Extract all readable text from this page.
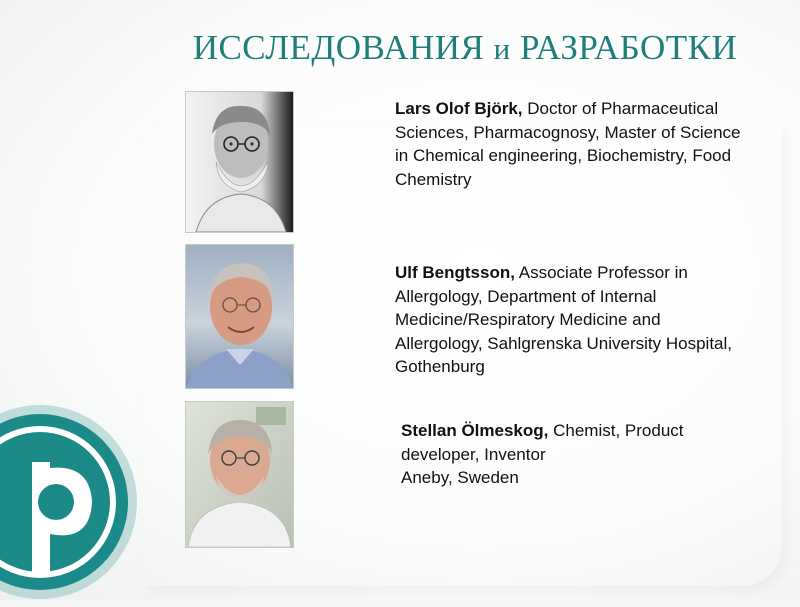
ИССЛЕДОВАНИЯ и РАЗРАБОТКИ
Lars Olof Björk, Doctor of Pharmaceutical Sciences, Pharmacognosy, Master of Science in Chemical engineering, Biochemistry, Food Chemistry
Ulf Bengtsson, Associate Professor in Allergology, Department of Internal Medicine/Respiratory Medicine and Allergology, Sahlgrenska University Hospital, Gothenburg
Stellan Ölmeskog, Chemist, Product developer, Inventor
Aneby, Sweden
